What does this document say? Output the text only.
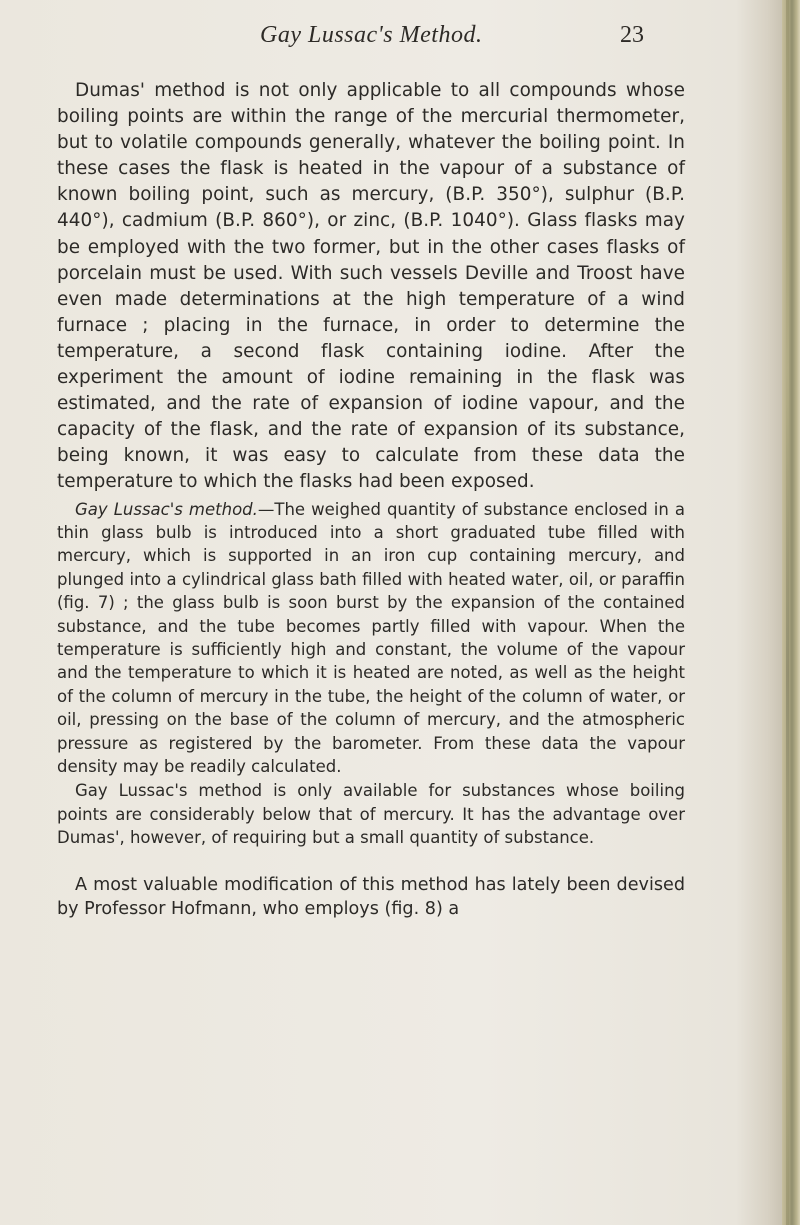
Gay Lussac's Method.	23

Dumas' method is not only applicable to all compounds whose boiling points are within the range of the mercurial thermometer, but to volatile compounds generally, whatever the boiling point. In these cases the flask is heated in the vapour of a substance of known boiling point, such as mercury, (B.P. 350°), sulphur (B.P. 440°), cadmium (B.P. 860°), or zinc, (B.P. 1040°). Glass flasks may be employed with the two former, but in the other cases flasks of porcelain must be used. With such vessels Deville and Troost have even made determinations at the high temperature of a wind furnace ; placing in the furnace, in order to determine the temperature, a second flask containing iodine. After the experiment the amount of iodine remaining in the flask was estimated, and the rate of expansion of iodine vapour, and the capacity of the flask, and the rate of expansion of its substance, being known, it was easy to calculate from these data the temperature to which the flasks had been exposed.

Gay Lussac's method.—The weighed quantity of substance enclosed in a thin glass bulb is introduced into a short graduated tube filled with mercury, which is supported in an iron cup containing mercury, and plunged into a cylindrical glass bath filled with heated water, oil, or paraffin (fig. 7) ; the glass bulb is soon burst by the expansion of the contained substance, and the tube becomes partly filled with vapour. When the temperature is sufficiently high and constant, the volume of the vapour and the temperature to which it is heated are noted, as well as the height of the column of mercury in the tube, the height of the column of water, or oil, pressing on the base of the column of mercury, and the atmospheric pressure as registered by the barometer. From these data the vapour density may be readily calculated.

Gay Lussac's method is only available for substances whose boiling points are considerably below that of mercury. It has the advantage over Dumas', however, of requiring but a small quantity of substance.

A most valuable modification of this method has lately been devised by Professor Hofmann, who employs (fig. 8) a
